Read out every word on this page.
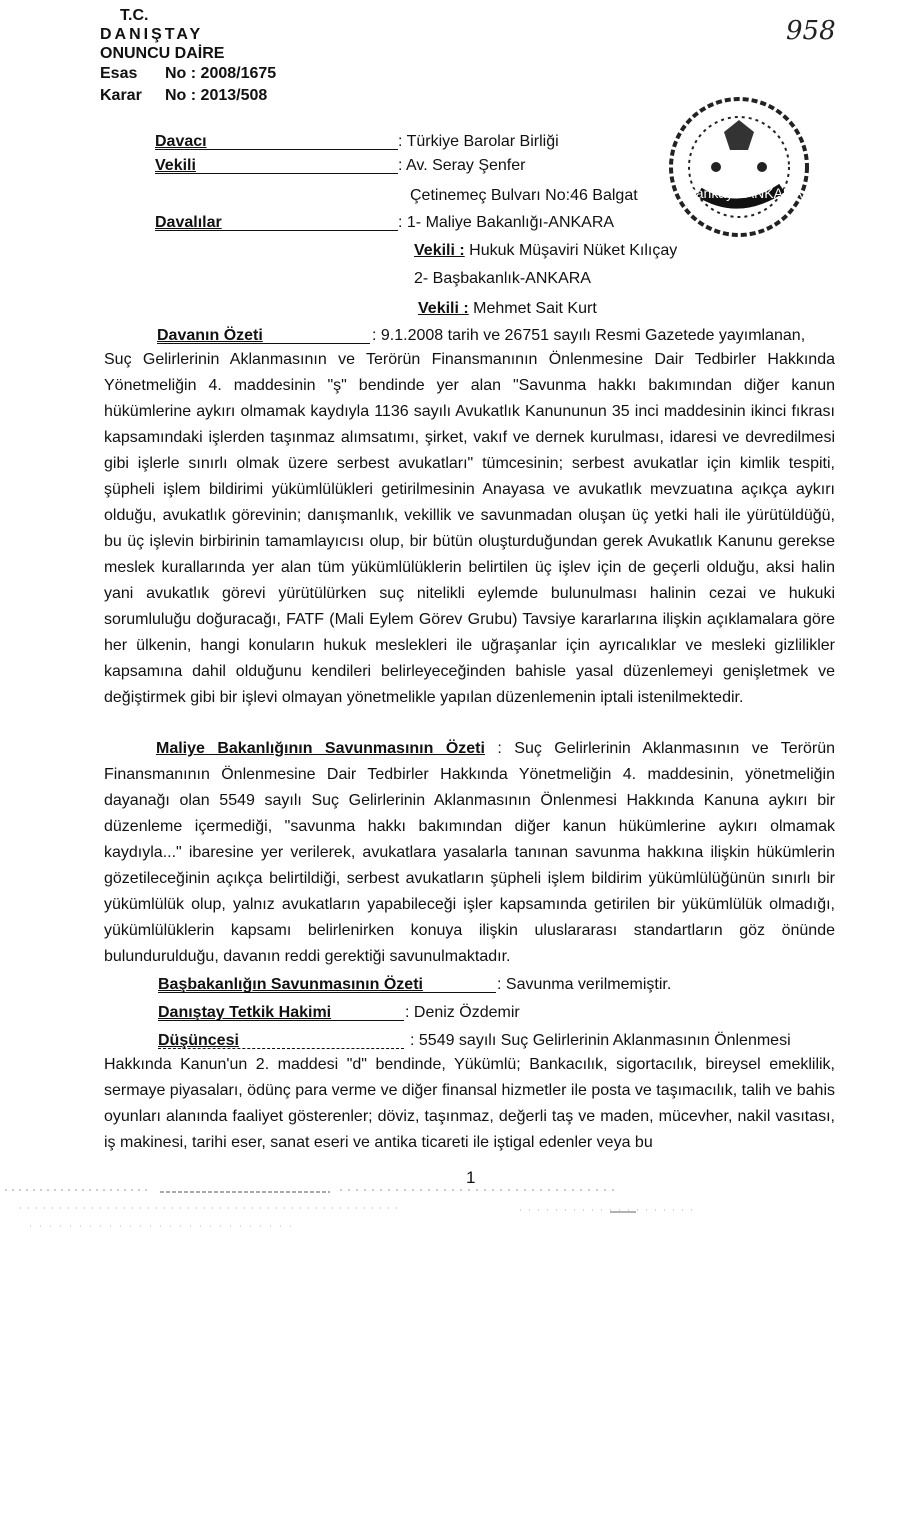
T.C.
DANIŞTAY
ONUNCU DAİRE
Esas No : 2008/1675
Karar No : 2013/508
958
Çankaya/ANKARA
Davacı	: Türkiye Barolar Birliği
Vekili	: Av. Seray Şenfer
Çetinemeç Bulvarı No:46 Balgat
Davalılar	: 1- Maliye Bakanlığı-ANKARA
Vekili : Hukuk Müşaviri Nüket Kılıçay
2- Başbakanlık-ANKARA
Vekili : Mehmet Sait Kurt
Davanın Özeti	: 9.1.2008 tarih ve 26751 sayılı Resmi Gazetede yayımlanan,
Suç Gelirlerinin Aklanmasının ve Terörün Finansmanının Önlenmesine Dair Tedbirler Hakkında Yönetmeliğin 4. maddesinin "ş" bendinde yer alan "Savunma hakkı bakımından diğer kanun hükümlerine aykırı olmamak kaydıyla 1136 sayılı Avukatlık Kanununun 35 inci maddesinin ikinci fıkrası kapsamındaki işlerden taşınmaz alımsatımı, şirket, vakıf ve dernek kurulması, idaresi ve devredilmesi gibi işlerle sınırlı olmak üzere serbest avukatları" tümcesinin; serbest avukatlar için kimlik tespiti, şüpheli işlem bildirimi yükümlülükleri getirilmesinin Anayasa ve avukatlık mevzuatına açıkça aykırı olduğu, avukatlık görevinin; danışmanlık, vekillik ve savunmadan oluşan üç yetki hali ile yürütüldüğü, bu üç işlevin birbirinin tamamlayıcısı olup, bir bütün oluşturduğundan gerek Avukatlık Kanunu gerekse meslek kurallarında yer alan tüm yükümlülüklerin belirtilen üç işlev için de geçerli olduğu, aksi halin yani avukatlık görevi yürütülürken suç nitelikli eylemde bulunulması halinin cezai ve hukuki sorumluluğu doğuracağı, FATF (Mali Eylem Görev Grubu) Tavsiye kararlarına ilişkin açıklamalara göre her ülkenin, hangi konuların hukuk meslekleri ile uğraşanlar için ayrıcalıklar ve mesleki gizlilikler kapsamına dahil olduğunu kendileri belirleyeceğinden bahisle yasal düzenlemeyi genişletmek ve değiştirmek gibi bir işlevi olmayan yönetmelikle yapılan düzenlemenin iptali istenilmektedir.
Maliye Bakanlığının Savunmasının Özeti : Suç Gelirlerinin Aklanmasının ve Terörün Finansmanının Önlenmesine Dair Tedbirler Hakkında Yönetmeliğin 4. maddesinin, yönetmeliğin dayanağı olan 5549 sayılı Suç Gelirlerinin Aklanmasının Önlenmesi Hakkında Kanuna aykırı bir düzenleme içermediği, "savunma hakkı bakımından diğer kanun hükümlerine aykırı olmamak kaydıyla..." ibaresine yer verilerek, avukatlara yasalarla tanınan savunma hakkına ilişkin hükümlerin gözetileceğinin açıkça belirtildiği, serbest avukatların şüpheli işlem bildirim yükümlülüğünün sınırlı bir yükümlülük olup, yalnız avukatların yapabileceği işler kapsamında getirilen bir yükümlülük olmadığı, yükümlülüklerin kapsamı belirlenirken konuya ilişkin uluslararası standartların göz önünde bulundurulduğu, davanın reddi gerektiği savunulmaktadır.
Başbakanlığın Savunmasının Özeti	: Savunma verilmemiştir.
Danıştay Tetkik Hakimi	: Deniz Özdemir
Düşüncesi	: 5549 sayılı Suç Gelirlerinin Aklanmasının Önlenmesi
Hakkında Kanun'un 2. maddesi "d" bendinde, Yükümlü; Bankacılık, sigortacılık, bireysel emeklilik, sermaye piyasaları, ödünç para verme ve diğer finansal hizmetler ile posta ve taşımacılık, talih ve bahis oyunları alanında faaliyet gösterenler; döviz, taşınmaz, değerli taş ve maden, mücevher, nakil vasıtası, iş makinesi, tarihi eser, sanat eseri ve antika ticareti ile iştigal edenler veya bu
1
